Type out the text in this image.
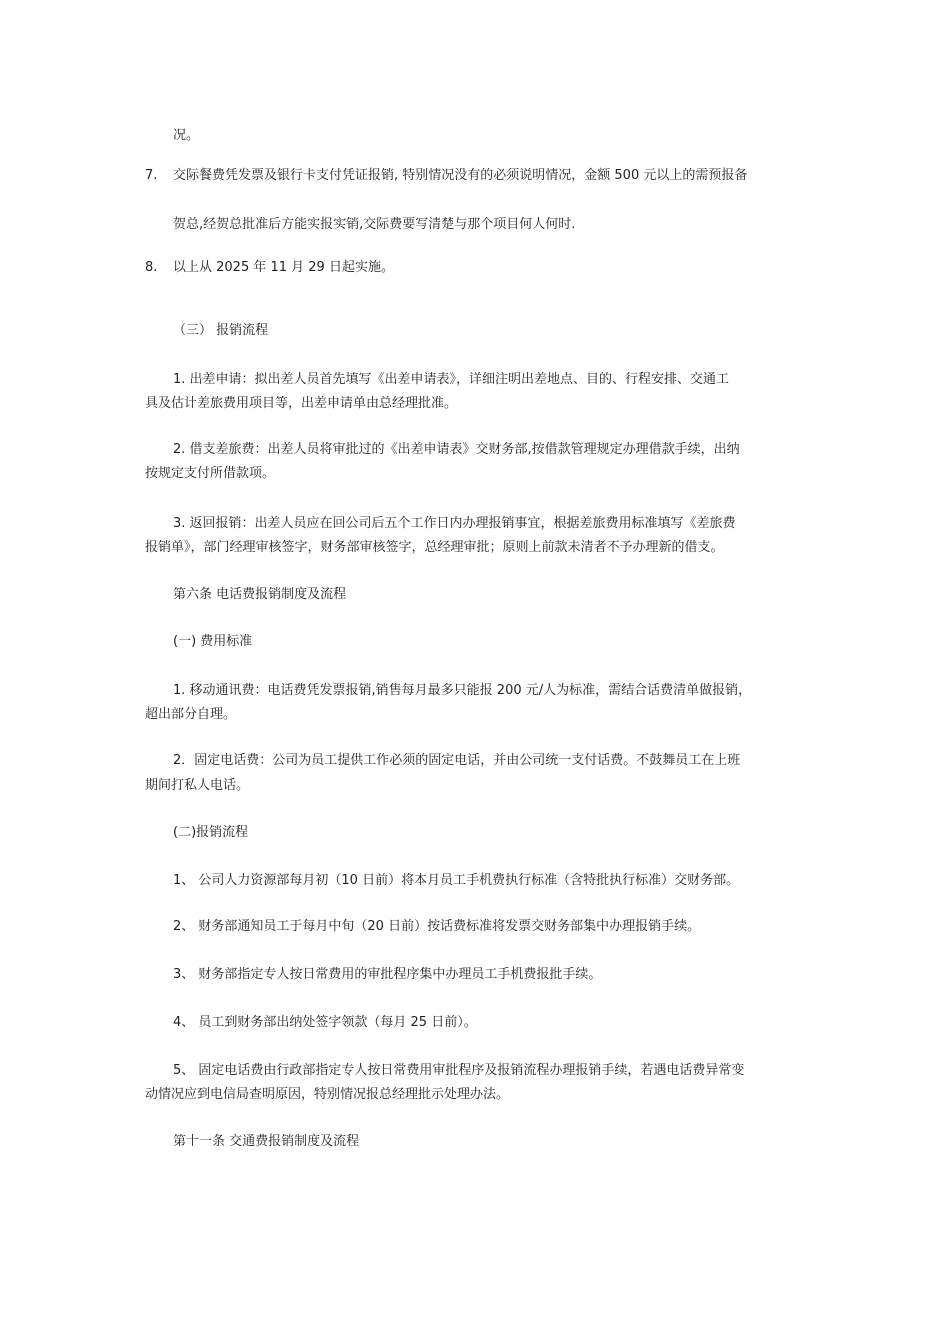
况。
7. 交际餐费凭发票及银行卡支付凭证报销, 特别情况没有的必须说明情况，金额 500 元以上的需预报备
贺总,经贺总批准后方能实报实销,交际费要写清楚与那个项目何人何时.
8. 以上从 2025 年 11 月 29 日起实施。
（三） 报销流程
1. 出差申请：拟出差人员首先填写《出差申请表》，详细注明出差地点、目的、行程安排、交通工
具及估计差旅费用项目等，出差申请单由总经理批准。
2. 借支差旅费：出差人员将审批过的《出差申请表》交财务部,按借款管理规定办理借款手续，出纳
按规定支付所借款项。
3. 返回报销：出差人员应在回公司后五个工作日内办理报销事宜，根据差旅费用标准填写《差旅费
报销单》，部门经理审核签字，财务部审核签字，总经理审批；原则上前款未清者不予办理新的借支。
第六条 电话费报销制度及流程
(一) 费用标准
1. 移动通讯费：电话费凭发票报销,销售每月最多只能报 200 元/人为标准，需结合话费清单做报销，
超出部分自理。
2．固定电话费：公司为员工提供工作必须的固定电话，并由公司统一支付话费。不鼓舞员工在上班
期间打私人电话。
(二)报销流程
1、 公司人力资源部每月初（10 日前）将本月员工手机费执行标准（含特批执行标准）交财务部。
2、 财务部通知员工于每月中旬（20 日前）按话费标准将发票交财务部集中办理报销手续。
3、 财务部指定专人按日常费用的审批程序集中办理员工手机费报批手续。
4、 员工到财务部出纳处签字领款（每月 25 日前）。
5、 固定电话费由行政部指定专人按日常费用审批程序及报销流程办理报销手续，若遇电话费异常变
动情况应到电信局查明原因，特别情况报总经理批示处理办法。
第十一条 交通费报销制度及流程
